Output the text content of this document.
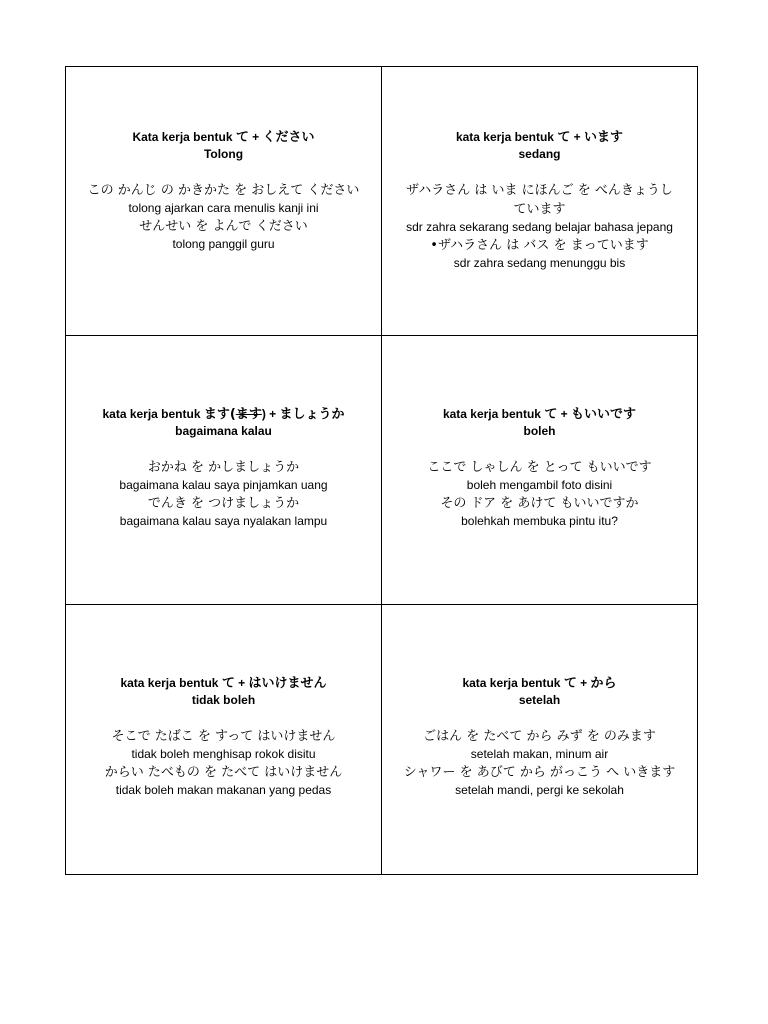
Kata kerja bentuk て + ください
Tolong
この かんじ の かきかた を おしえて ください
tolong ajarkan cara menulis kanji ini
せんせい を よんで ください
tolong panggil guru
kata kerja bentuk て + います
sedang
ザハラさん は いま にほんご を べんきょうしています
sdr zahra sekarang sedang belajar bahasa jepang
•ザハラさん は バス を まっています
sdr zahra sedang menunggu bis
kata kerja bentuk ます(ます) + ましょうか
bagaimana kalau
おかね を かしましょうか
bagaimana kalau saya pinjamkan uang
でんき を つけましょうか
bagaimana kalau saya nyalakan lampu
kata kerja bentuk て + もいいです
boleh
ここで しゃしん を とって もいいです
boleh mengambil foto disini
その ドア を あけて もいいですか
bolehkah membuka pintu itu?
kata kerja bentuk て + はいけません
tidak boleh
そこで たばこ を すって はいけません
tidak boleh menghisap rokok disitu
からい たべもの を たべて はいけません
tidak boleh makan makanan yang pedas
kata kerja bentuk て + から
setelah
ごはん を たべて から みず を のみます
setelah makan, minum air
シャワー を あびて から がっこう へ いきます
setelah mandi, pergi ke sekolah
